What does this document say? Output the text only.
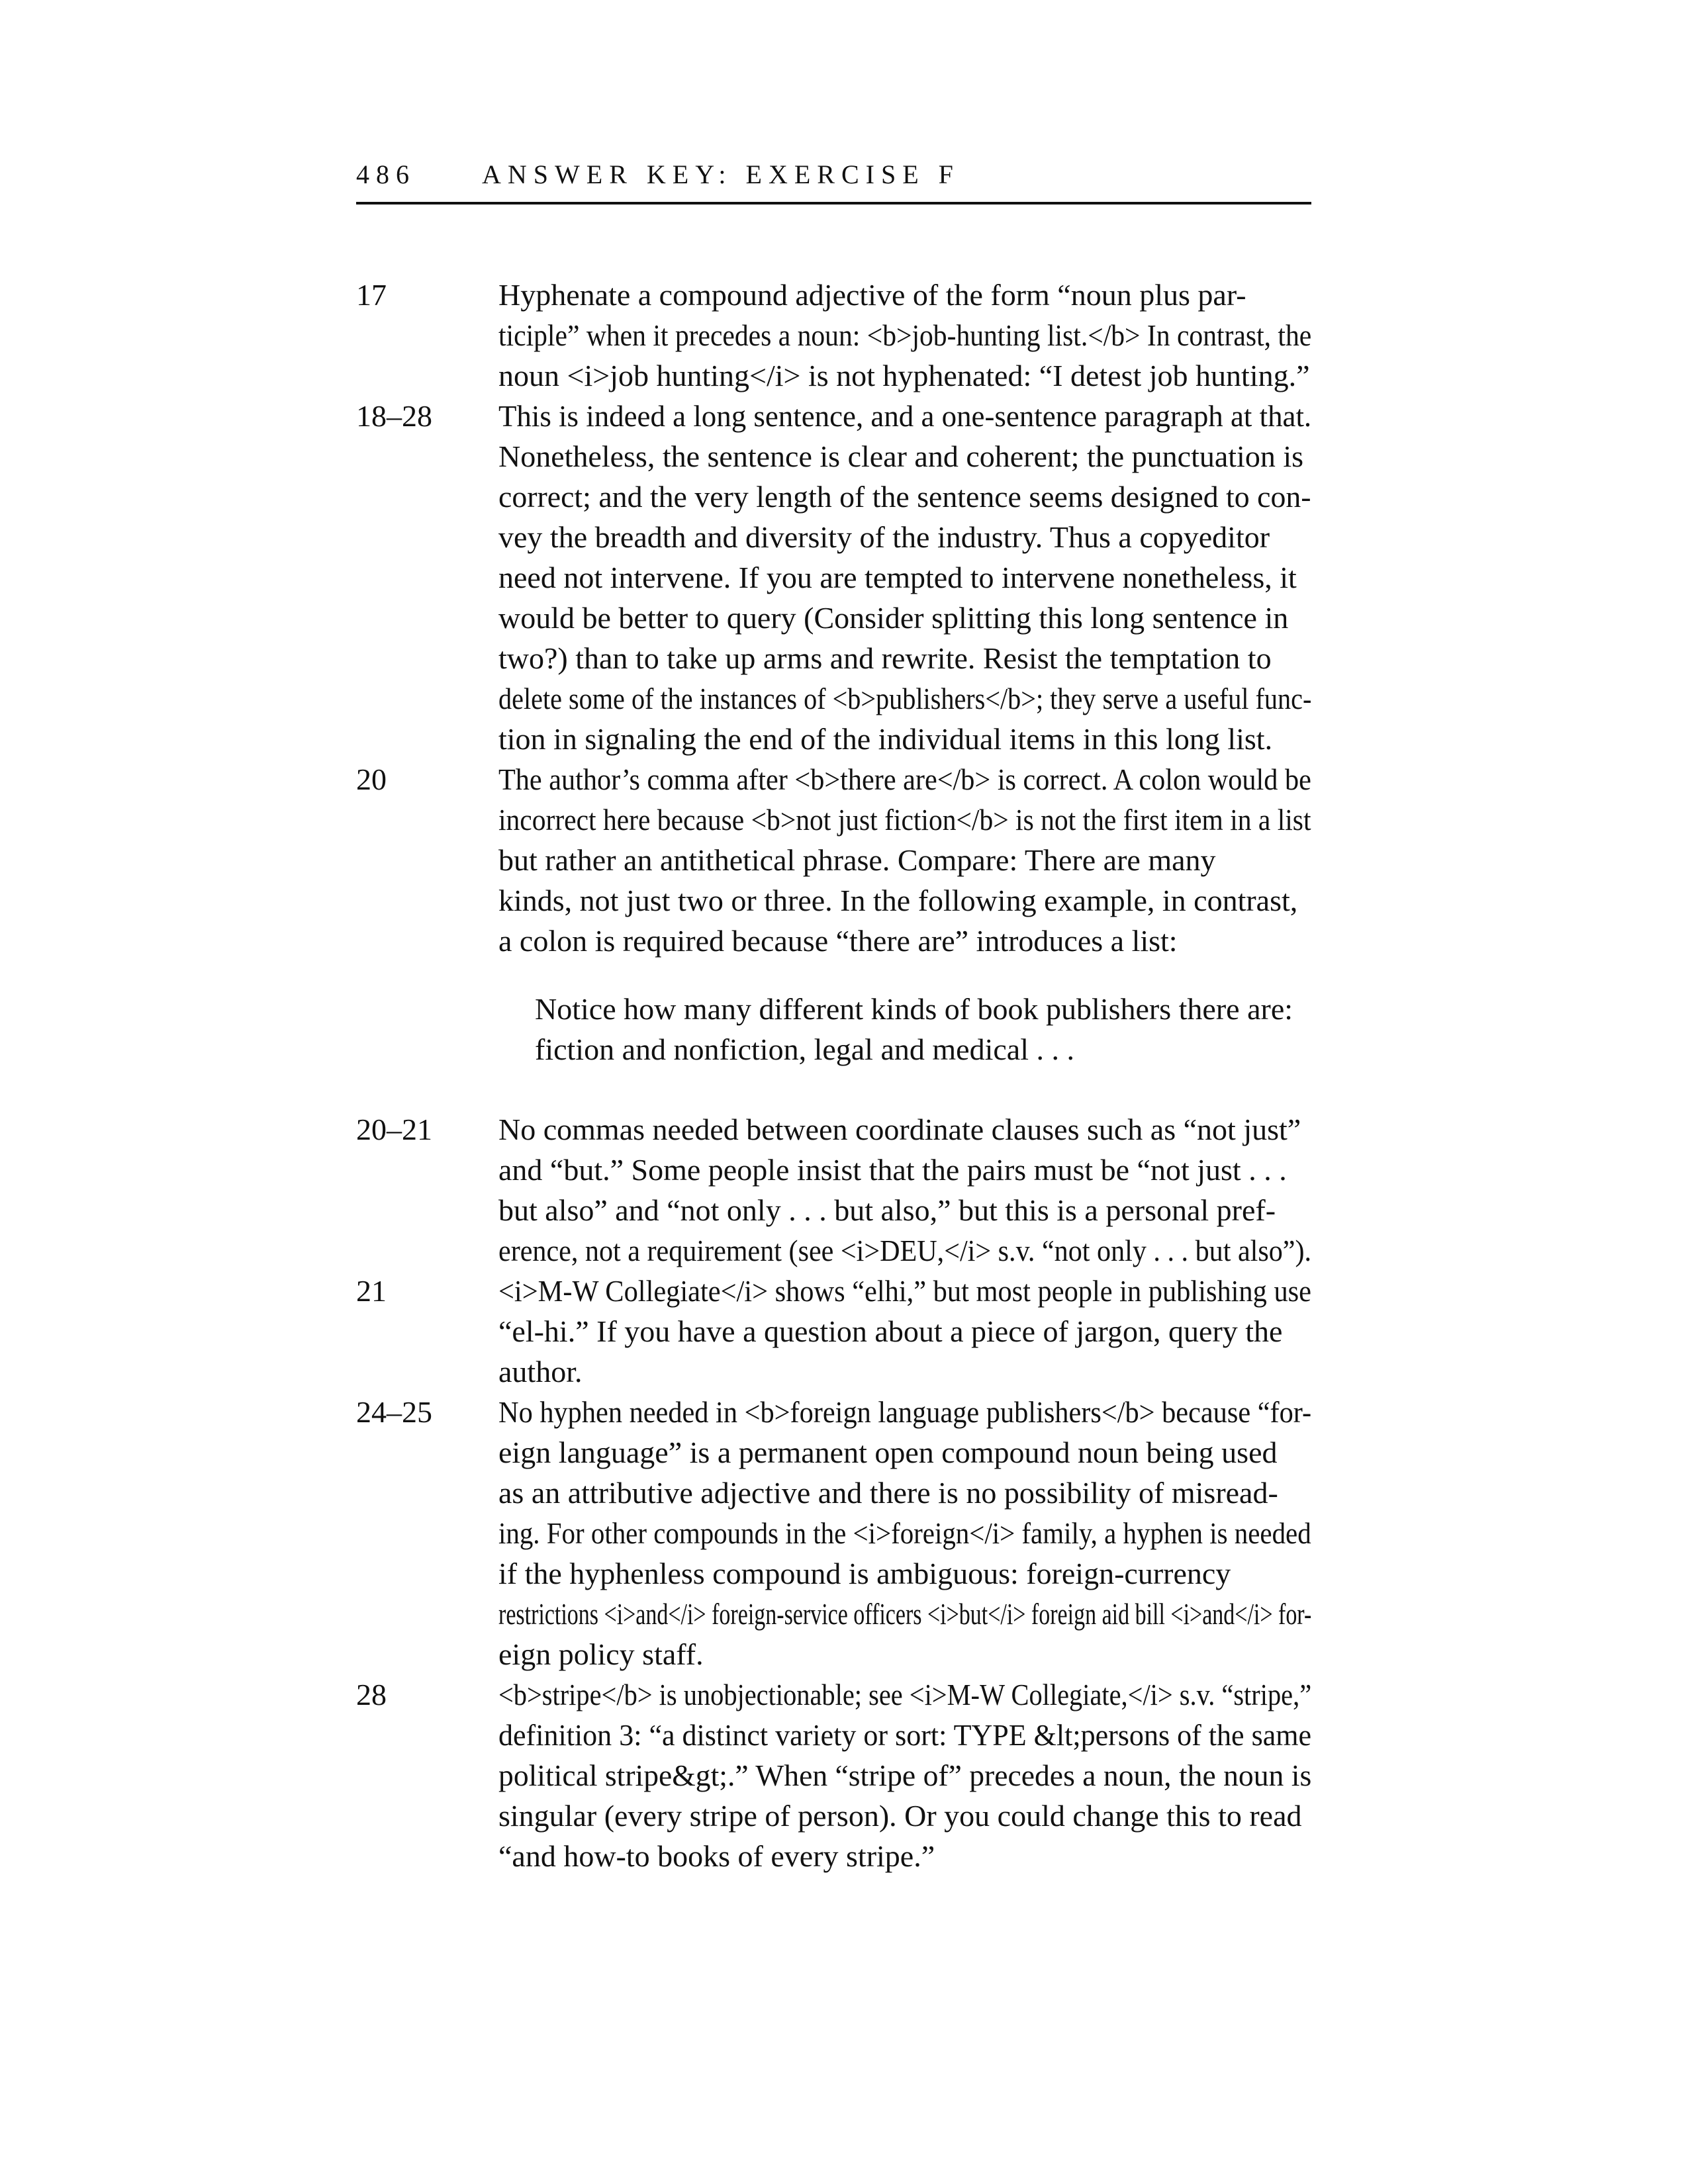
486	ANSWER KEY: EXERCISE F
17	Hyphenate a compound adjective of the form “noun plus par-
ticiple” when it precedes a noun: <b>job-hunting list.</b> In contrast, the
noun <i>job hunting</i> is not hyphenated: “I detest job hunting.”
18–28	This is indeed a long sentence, and a one-sentence paragraph at that.
Nonetheless, the sentence is clear and coherent; the punctuation is
correct; and the very length of the sentence seems designed to con-
vey the breadth and diversity of the industry. Thus a copyeditor
need not intervene. If you are tempted to intervene nonetheless, it
would be better to query (Consider splitting this long sentence in
two?) than to take up arms and rewrite. Resist the temptation to
delete some of the instances of <b>publishers</b>; they serve a useful func-
tion in signaling the end of the individual items in this long list.
20	The author’s comma after <b>there are</b> is correct. A colon would be
incorrect here because <b>not just fiction</b> is not the first item in a list
but rather an antithetical phrase. Compare: There are many
kinds, not just two or three. In the following example, in contrast,
a colon is required because “there are” introduces a list:
Notice how many different kinds of book publishers there are:
fiction and nonfiction, legal and medical . . .
20–21	No commas needed between coordinate clauses such as “not just”
and “but.” Some people insist that the pairs must be “not just . . .
but also” and “not only . . . but also,” but this is a personal pref-
erence, not a requirement (see <i>DEU,</i> s.v. “not only . . . but also”).
21	<i>M-W Collegiate</i> shows “elhi,” but most people in publishing use
“el-hi.” If you have a question about a piece of jargon, query the
author.
24–25	No hyphen needed in <b>foreign language publishers</b> because “for-
eign language” is a permanent open compound noun being used
as an attributive adjective and there is no possibility of misread-
ing. For other compounds in the <i>foreign</i> family, a hyphen is needed
if the hyphenless compound is ambiguous: foreign-currency
restrictions <i>and</i> foreign-service officers <i>but</i> foreign aid bill <i>and</i> for-
eign policy staff.
28	<b>stripe</b> is unobjectionable; see <i>M-W Collegiate,</i> s.v. “stripe,”
definition 3: “a distinct variety or sort: TYPE &lt;persons of the same
political stripe&gt;.” When “stripe of” precedes a noun, the noun is
singular (every stripe of person). Or you could change this to read
“and how-to books of every stripe.”
